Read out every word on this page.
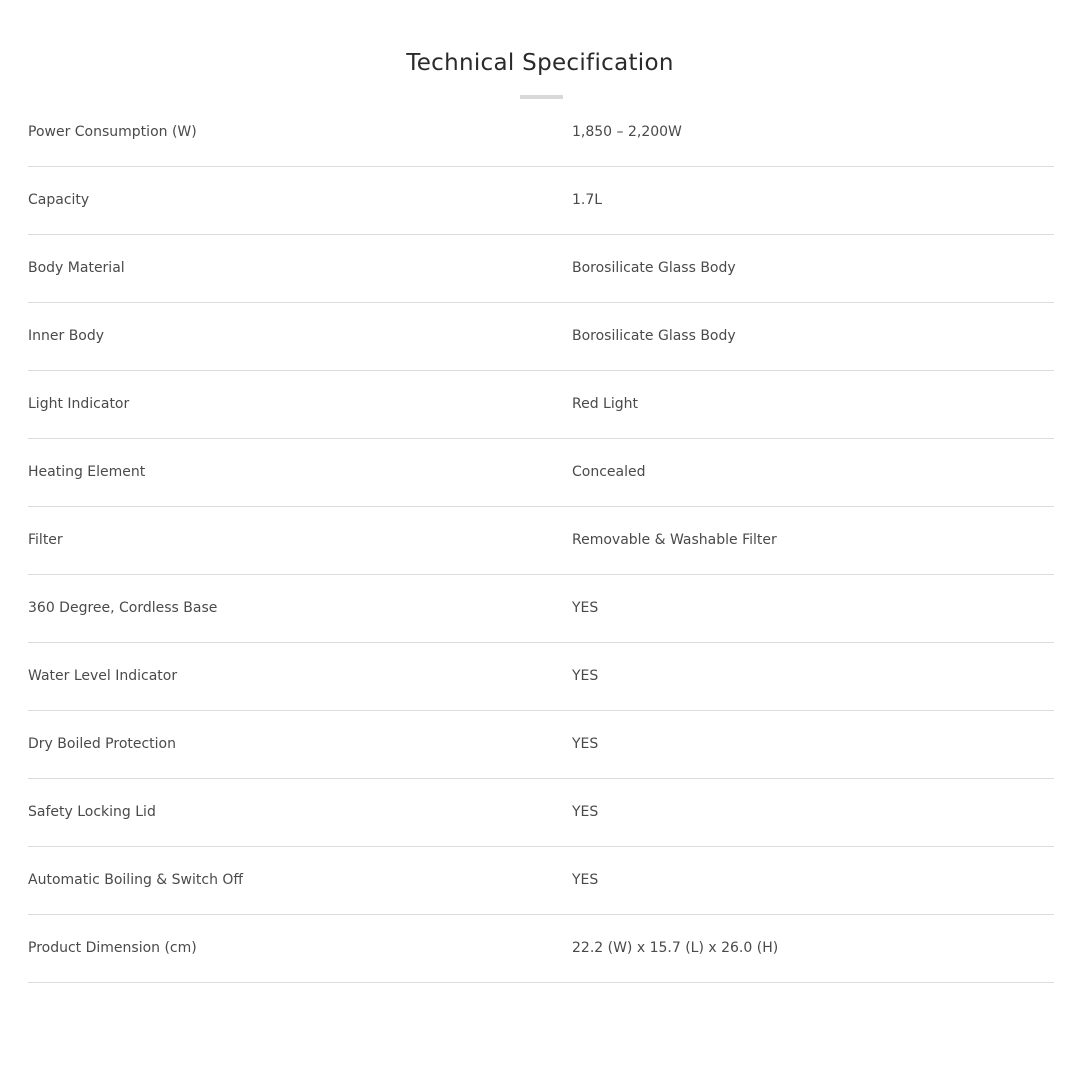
Technical Specification
Power Consumption (W)	1,850 – 2,200W
Capacity	1.7L
Body Material	Borosilicate Glass Body
Inner Body	Borosilicate Glass Body
Light Indicator	Red Light
Heating Element	Concealed
Filter	Removable & Washable Filter
360 Degree, Cordless Base	YES
Water Level Indicator	YES
Dry Boiled Protection	YES
Safety Locking Lid	YES
Automatic Boiling & Switch Off	YES
Product Dimension (cm)	22.2 (W) x 15.7 (L) x 26.0 (H)
